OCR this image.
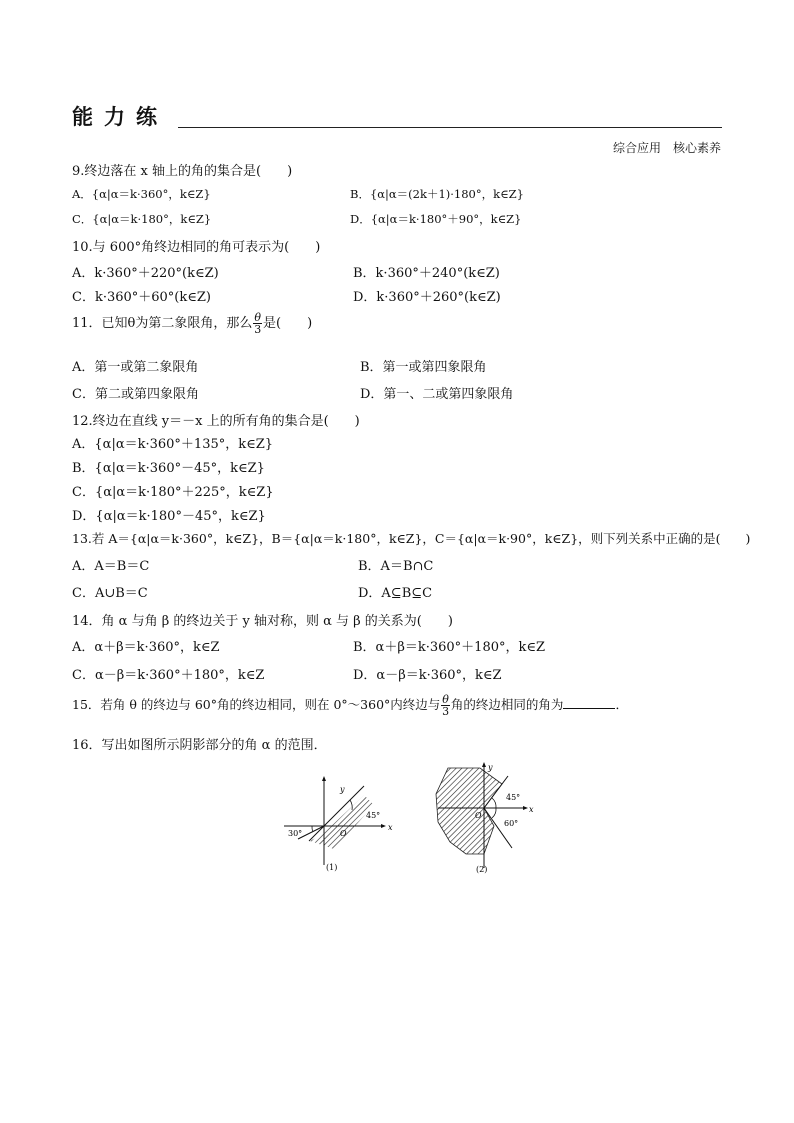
能力练
综合应用　核心素养
9.终边落在 x 轴上的角的集合是(　　)
A．{α|α＝k·360°，k∈Z}	B．{α|α＝(2k＋1)·180°，k∈Z}
C．{α|α＝k·180°，k∈Z}	D．{α|α＝k·180°＋90°，k∈Z}
10.与 600°角终边相同的角可表示为(　　)
A．k·360°＋220°(k∈Z)	B．k·360°＋240°(k∈Z)
C．k·360°＋60°(k∈Z)	D．k·360°＋260°(k∈Z)
11．已知θ为第二象限角，那么 $\frac{\theta}{3}$ 是(　　)
A．第一或第二象限角	B．第一或第四象限角
C．第二或第四象限角	D．第一、二或第四象限角
12.终边在直线 y＝－x 上的所有角的集合是(　　)
A．{α|α＝k·360°＋135°，k∈Z}
B．{α|α＝k·360°－45°，k∈Z}
C．{α|α＝k·180°＋225°，k∈Z}
D．{α|α＝k·180°－45°，k∈Z}
13.若 A＝{α|α＝k·360°，k∈Z}，B＝{α|α＝k·180°，k∈Z}，C＝{α|α＝k·90°，k∈Z}，则下列关系中正确的是(　　)
A．A＝B＝C	B．A＝B∩C
C．A∪B＝C	D．A⊆B⊆C
14．角 α 与角 β 的终边关于 y 轴对称，则 α 与 β 的关系为(　　)
A．α＋β＝k·360°，k∈Z	B．α＋β＝k·360°＋180°，k∈Z
C．α－β＝k·360°＋180°，k∈Z	D．α－β＝k·360°，k∈Z
15．若角 θ 的终边与 60°角的终边相同，则在 0°～360°内终边与 $\frac{\theta}{3}$ 角的终边相同的角为	．
16．写出如图所示阴影部分的角 α 的范围．
y
x
O
45°
30°
(1)
y
x
O
45°
60°
(2)
